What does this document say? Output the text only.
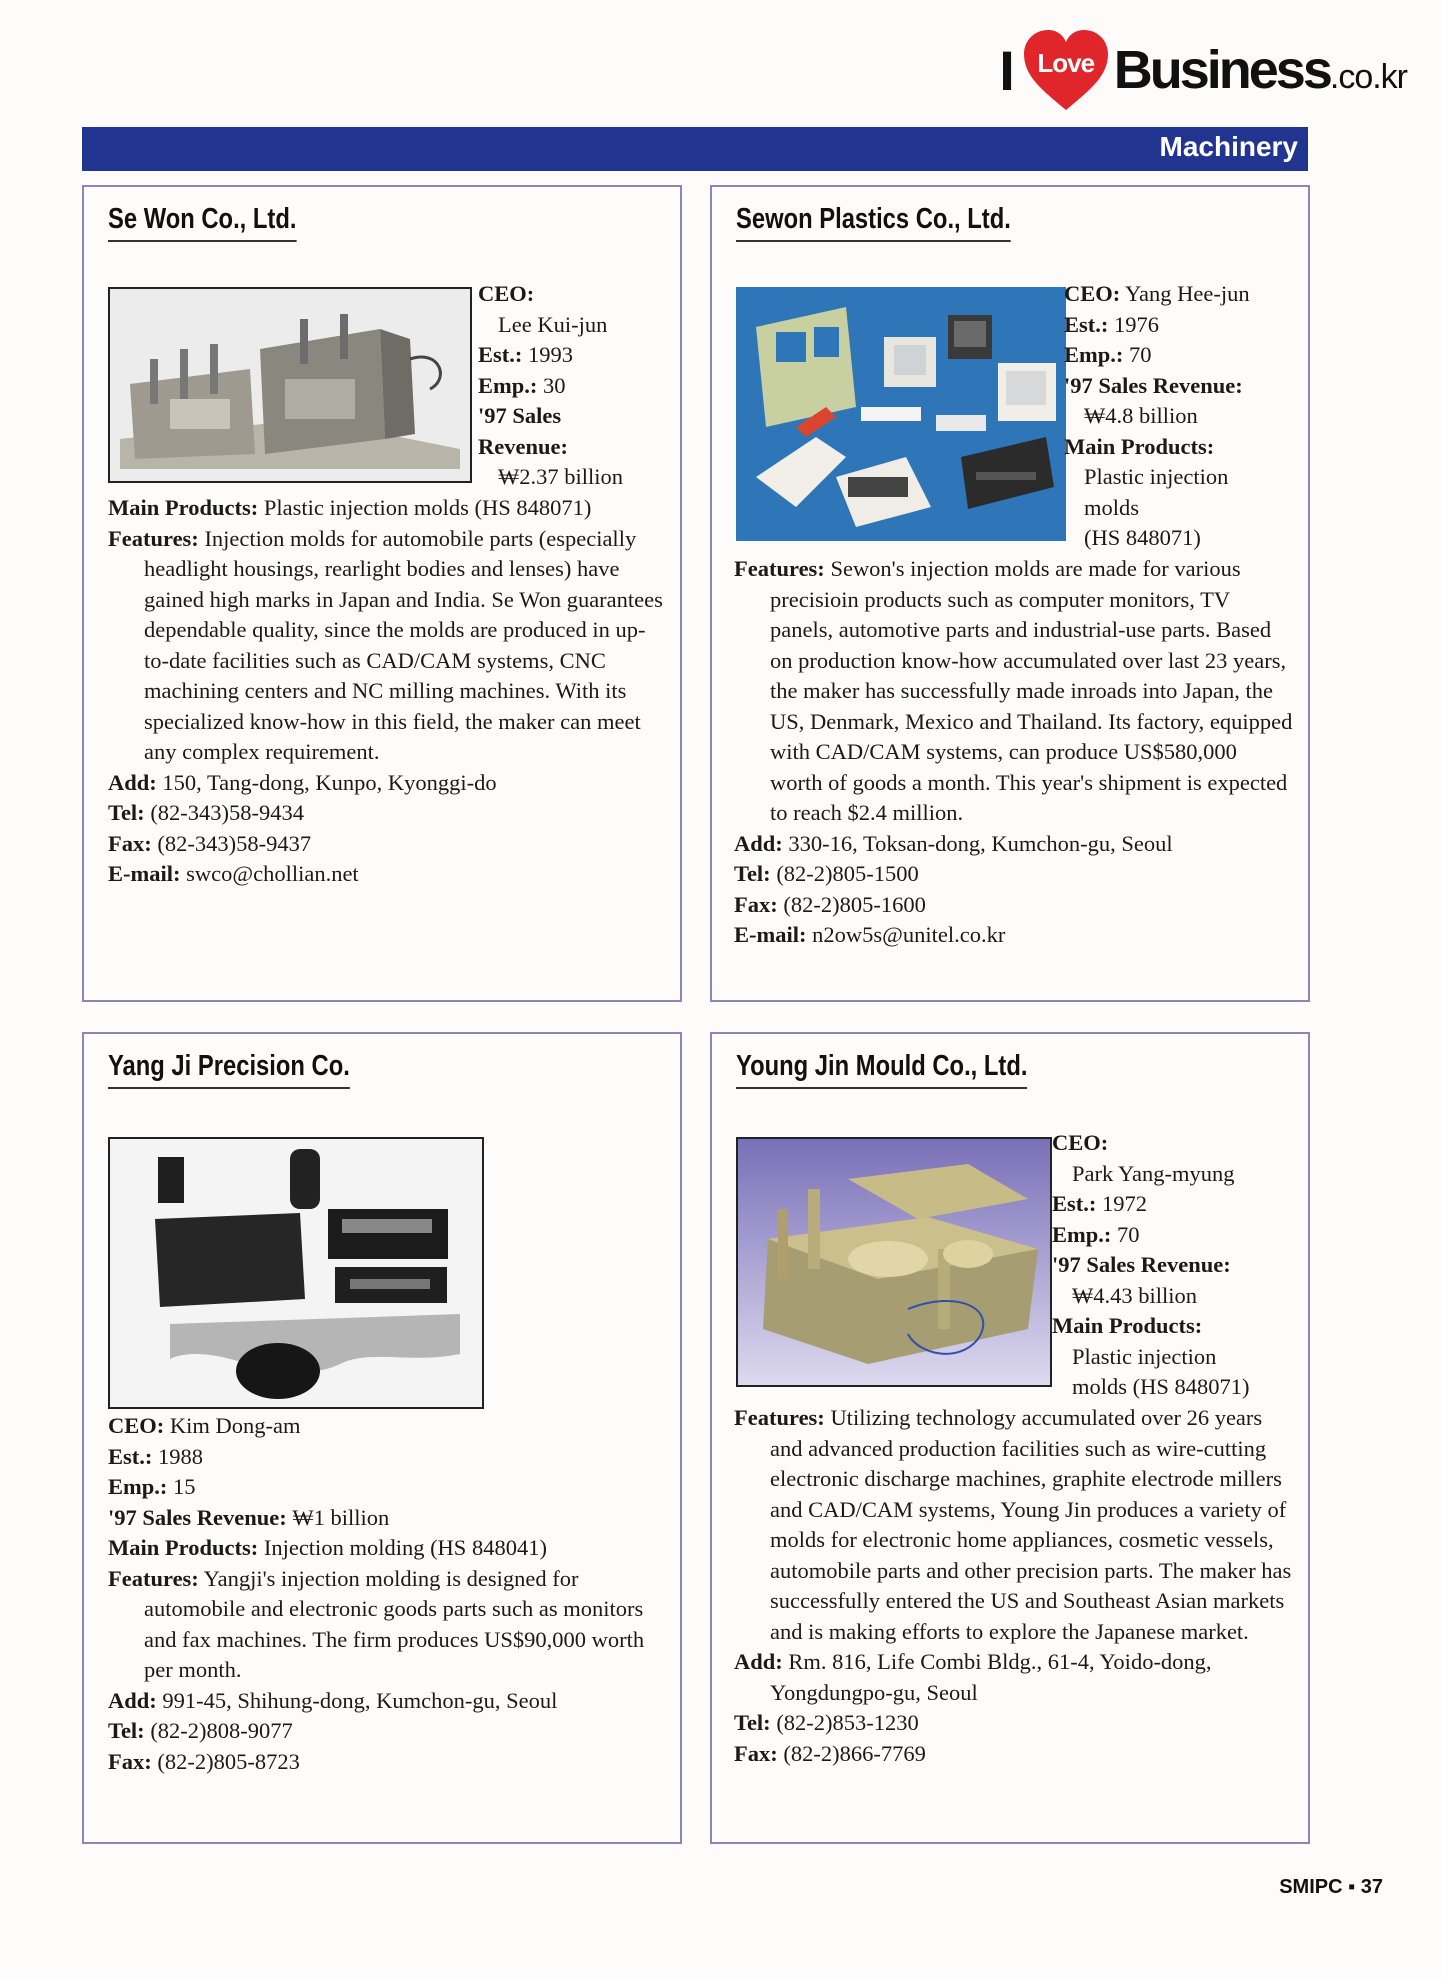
I Love Business .co.kr
Machinery
Se Won Co., Ltd.

CEO:

Lee Kui-jun

Est.: 1993

Emp.: 30

'97 Sales

Revenue:

₩2.37 billion

Main Products: Plastic injection molds (HS 848071)

Features: Injection molds for automobile parts (especially headlight housings, rearlight bodies and lenses) have gained high marks in Japan and India. Se Won guarantees dependable quality, since the molds are produced in up-to-date facilities such as CAD/CAM systems, CNC machining centers and NC milling machines. With its specialized know-how in this field, the maker can meet any complex requirement.

Add: 150, Tang-dong, Kunpo, Kyonggi-do

Tel: (82-343)58-9434

Fax: (82-343)58-9437

E-mail: swco@chollian.net

Sewon Plastics Co., Ltd.

CEO: Yang Hee-jun

Est.: 1976

Emp.: 70

'97 Sales Revenue:

₩4.8 billion

Main Products:

Plastic injection

molds

(HS 848071)

Features: Sewon's injection molds are made for various precisioin products such as computer monitors, TV panels, automotive parts and industrial-use parts. Based on production know-how accumulated over last 23 years, the maker has successfully made inroads into Japan, the US, Denmark, Mexico and Thailand. Its factory, equipped with CAD/CAM systems, can produce US$580,000 worth of goods a month. This year's shipment is expected to reach $2.4 million.

Add: 330-16, Toksan-dong, Kumchon-gu, Seoul

Tel: (82-2)805-1500

Fax: (82-2)805-1600

E-mail: n2ow5s@unitel.co.kr

Yang Ji Precision Co.

CEO: Kim Dong-am

Est.: 1988

Emp.: 15

'97 Sales Revenue: ₩1 billion

Main Products: Injection molding (HS 848041)

Features: Yangji's injection molding is designed for automobile and electronic goods parts such as monitors and fax machines. The firm produces US$90,000 worth per month.

Add: 991-45, Shihung-dong, Kumchon-gu, Seoul

Tel: (82-2)808-9077

Fax: (82-2)805-8723

Young Jin Mould Co., Ltd.

CEO:

Park Yang-myung

Est.: 1972

Emp.: 70

'97 Sales Revenue:

₩4.43 billion

Main Products:

Plastic injection

molds (HS 848071)

Features: Utilizing technology accumulated over 26 years and advanced production facilities such as wire-cutting electronic discharge machines, graphite electrode millers and CAD/CAM systems, Young Jin produces a variety of molds for electronic home appliances, cosmetic vessels, automobile parts and other precision parts. The maker has successfully entered the US and Southeast Asian markets and is making efforts to explore the Japanese market.

Add: Rm. 816, Life Combi Bldg., 61-4, Yoido-dong, Yongdungpo-gu, Seoul

Tel: (82-2)853-1230

Fax: (82-2)866-7769

SMIPC ▪ 37
